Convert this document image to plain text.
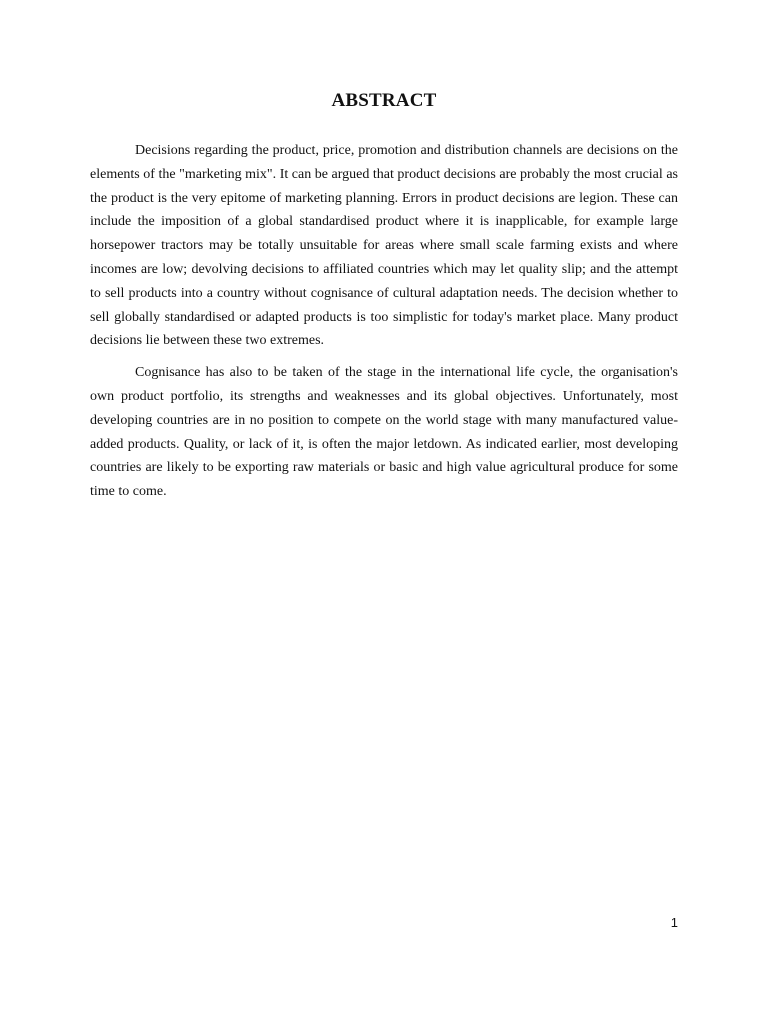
ABSTRACT

Decisions regarding the product, price, promotion and distribution channels are decisions on the elements of the "marketing mix". It can be argued that product decisions are probably the most crucial as the product is the very epitome of marketing planning. Errors in product decisions are legion. These can include the imposition of a global standardised product where it is inapplicable, for example large horsepower tractors may be totally unsuitable for areas where small scale farming exists and where incomes are low; devolving decisions to affiliated countries which may let quality slip; and the attempt to sell products into a country without cognisance of cultural adaptation needs. The decision whether to sell globally standardised or adapted products is too simplistic for today's market place. Many product decisions lie between these two extremes.

Cognisance has also to be taken of the stage in the international life cycle, the organisation's own product portfolio, its strengths and weaknesses and its global objectives. Unfortunately, most developing countries are in no position to compete on the world stage with many manufactured value-added products. Quality, or lack of it, is often the major letdown. As indicated earlier, most developing countries are likely to be exporting raw materials or basic and high value agricultural produce for some time to come.

1
